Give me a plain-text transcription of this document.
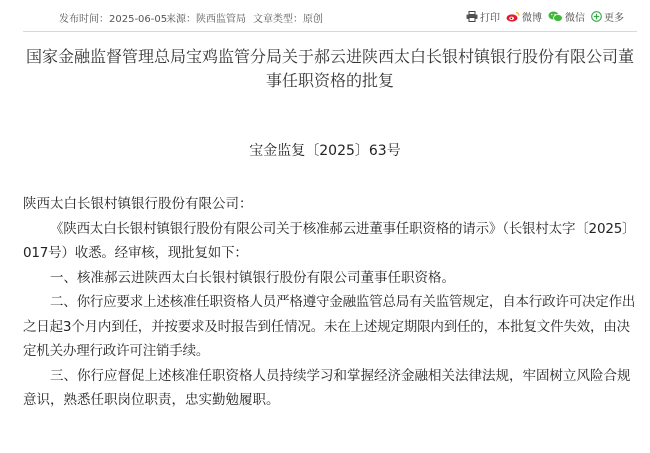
发布时间：2025-06-05
来源：陕西监管局 文章类型：原创	打印 微博 微信 更多
国家金融监督管理总局宝鸡监管分局关于郝云进陕西太白长银村镇银行股份有限公司董事任职资格的批复
宝金监复〔2025〕63号

陕西太白长银村镇银行股份有限公司：

《陕西太白长银村镇银行股份有限公司关于核准郝云进董事任职资格的请示》（长银村太字〔2025〕017号）收悉。经审核，现批复如下：

一、核准郝云进陕西太白长银村镇银行股份有限公司董事任职资格。

二、你行应要求上述核准任职资格人员严格遵守金融监管总局有关监管规定，自本行政许可决定作出之日起3个月内到任，并按要求及时报告到任情况。未在上述规定期限内到任的，本批复文件失效，由决定机关办理行政许可注销手续。

三、你行应督促上述核准任职资格人员持续学习和掌握经济金融相关法律法规，牢固树立风险合规意识，熟悉任职岗位职责，忠实勤勉履职。
